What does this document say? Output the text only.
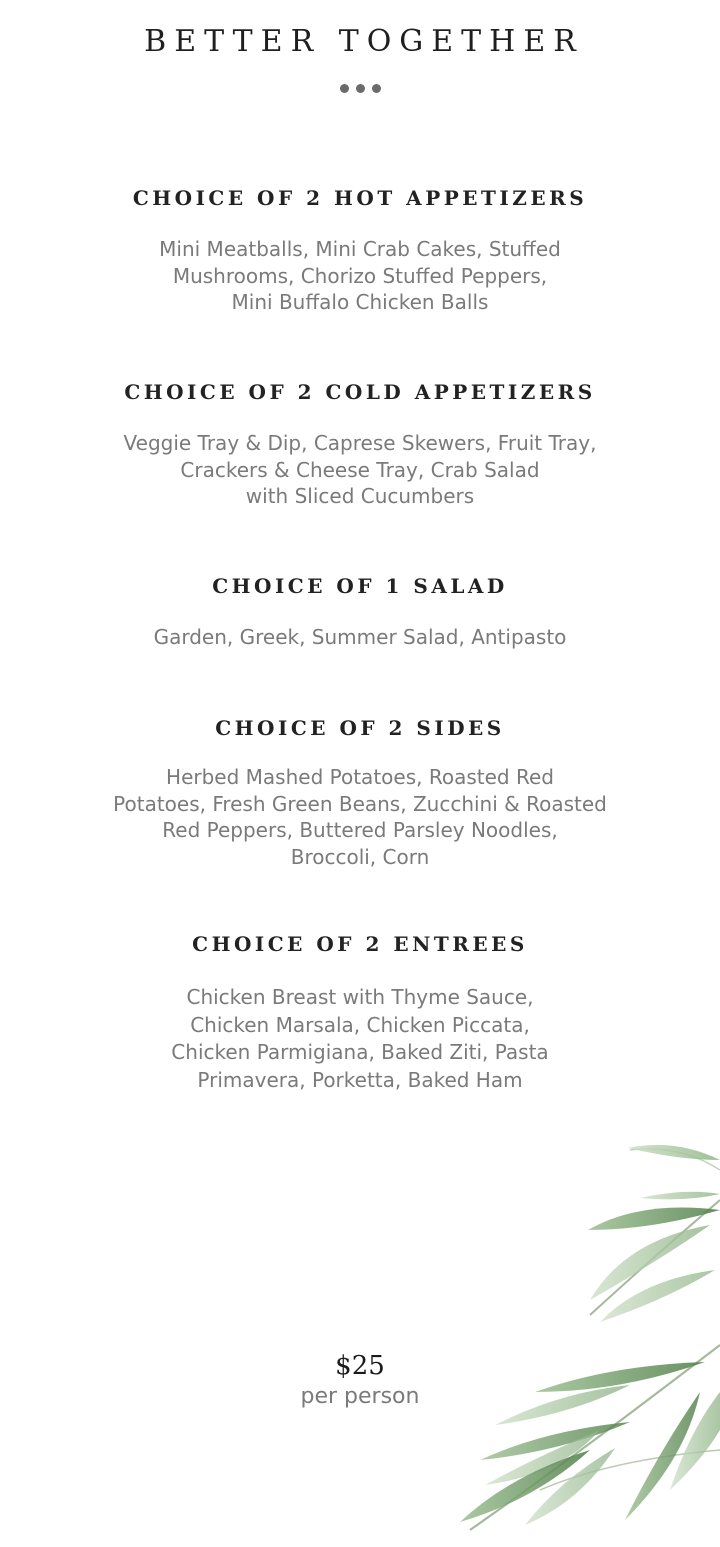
BETTER TOGETHER
CHOICE OF 2 HOT APPETIZERS

Mini Meatballs, Mini Crab Cakes, Stuffed
Mushrooms, Chorizo Stuffed Peppers,
Mini Buffalo Chicken Balls

CHOICE OF 2 COLD APPETIZERS

Veggie Tray & Dip, Caprese Skewers, Fruit Tray,
Crackers & Cheese Tray, Crab Salad
with Sliced Cucumbers

CHOICE OF 1 SALAD

Garden, Greek, Summer Salad, Antipasto

CHOICE OF 2 SIDES

Herbed Mashed Potatoes, Roasted Red
Potatoes, Fresh Green Beans, Zucchini & Roasted
Red Peppers, Buttered Parsley Noodles,
Broccoli, Corn

CHOICE OF 2 ENTREES

Chicken Breast with Thyme Sauce,
Chicken Marsala, Chicken Piccata,
Chicken Parmigiana, Baked Ziti, Pasta
Primavera, Porketta, Baked Ham

$25
per person
